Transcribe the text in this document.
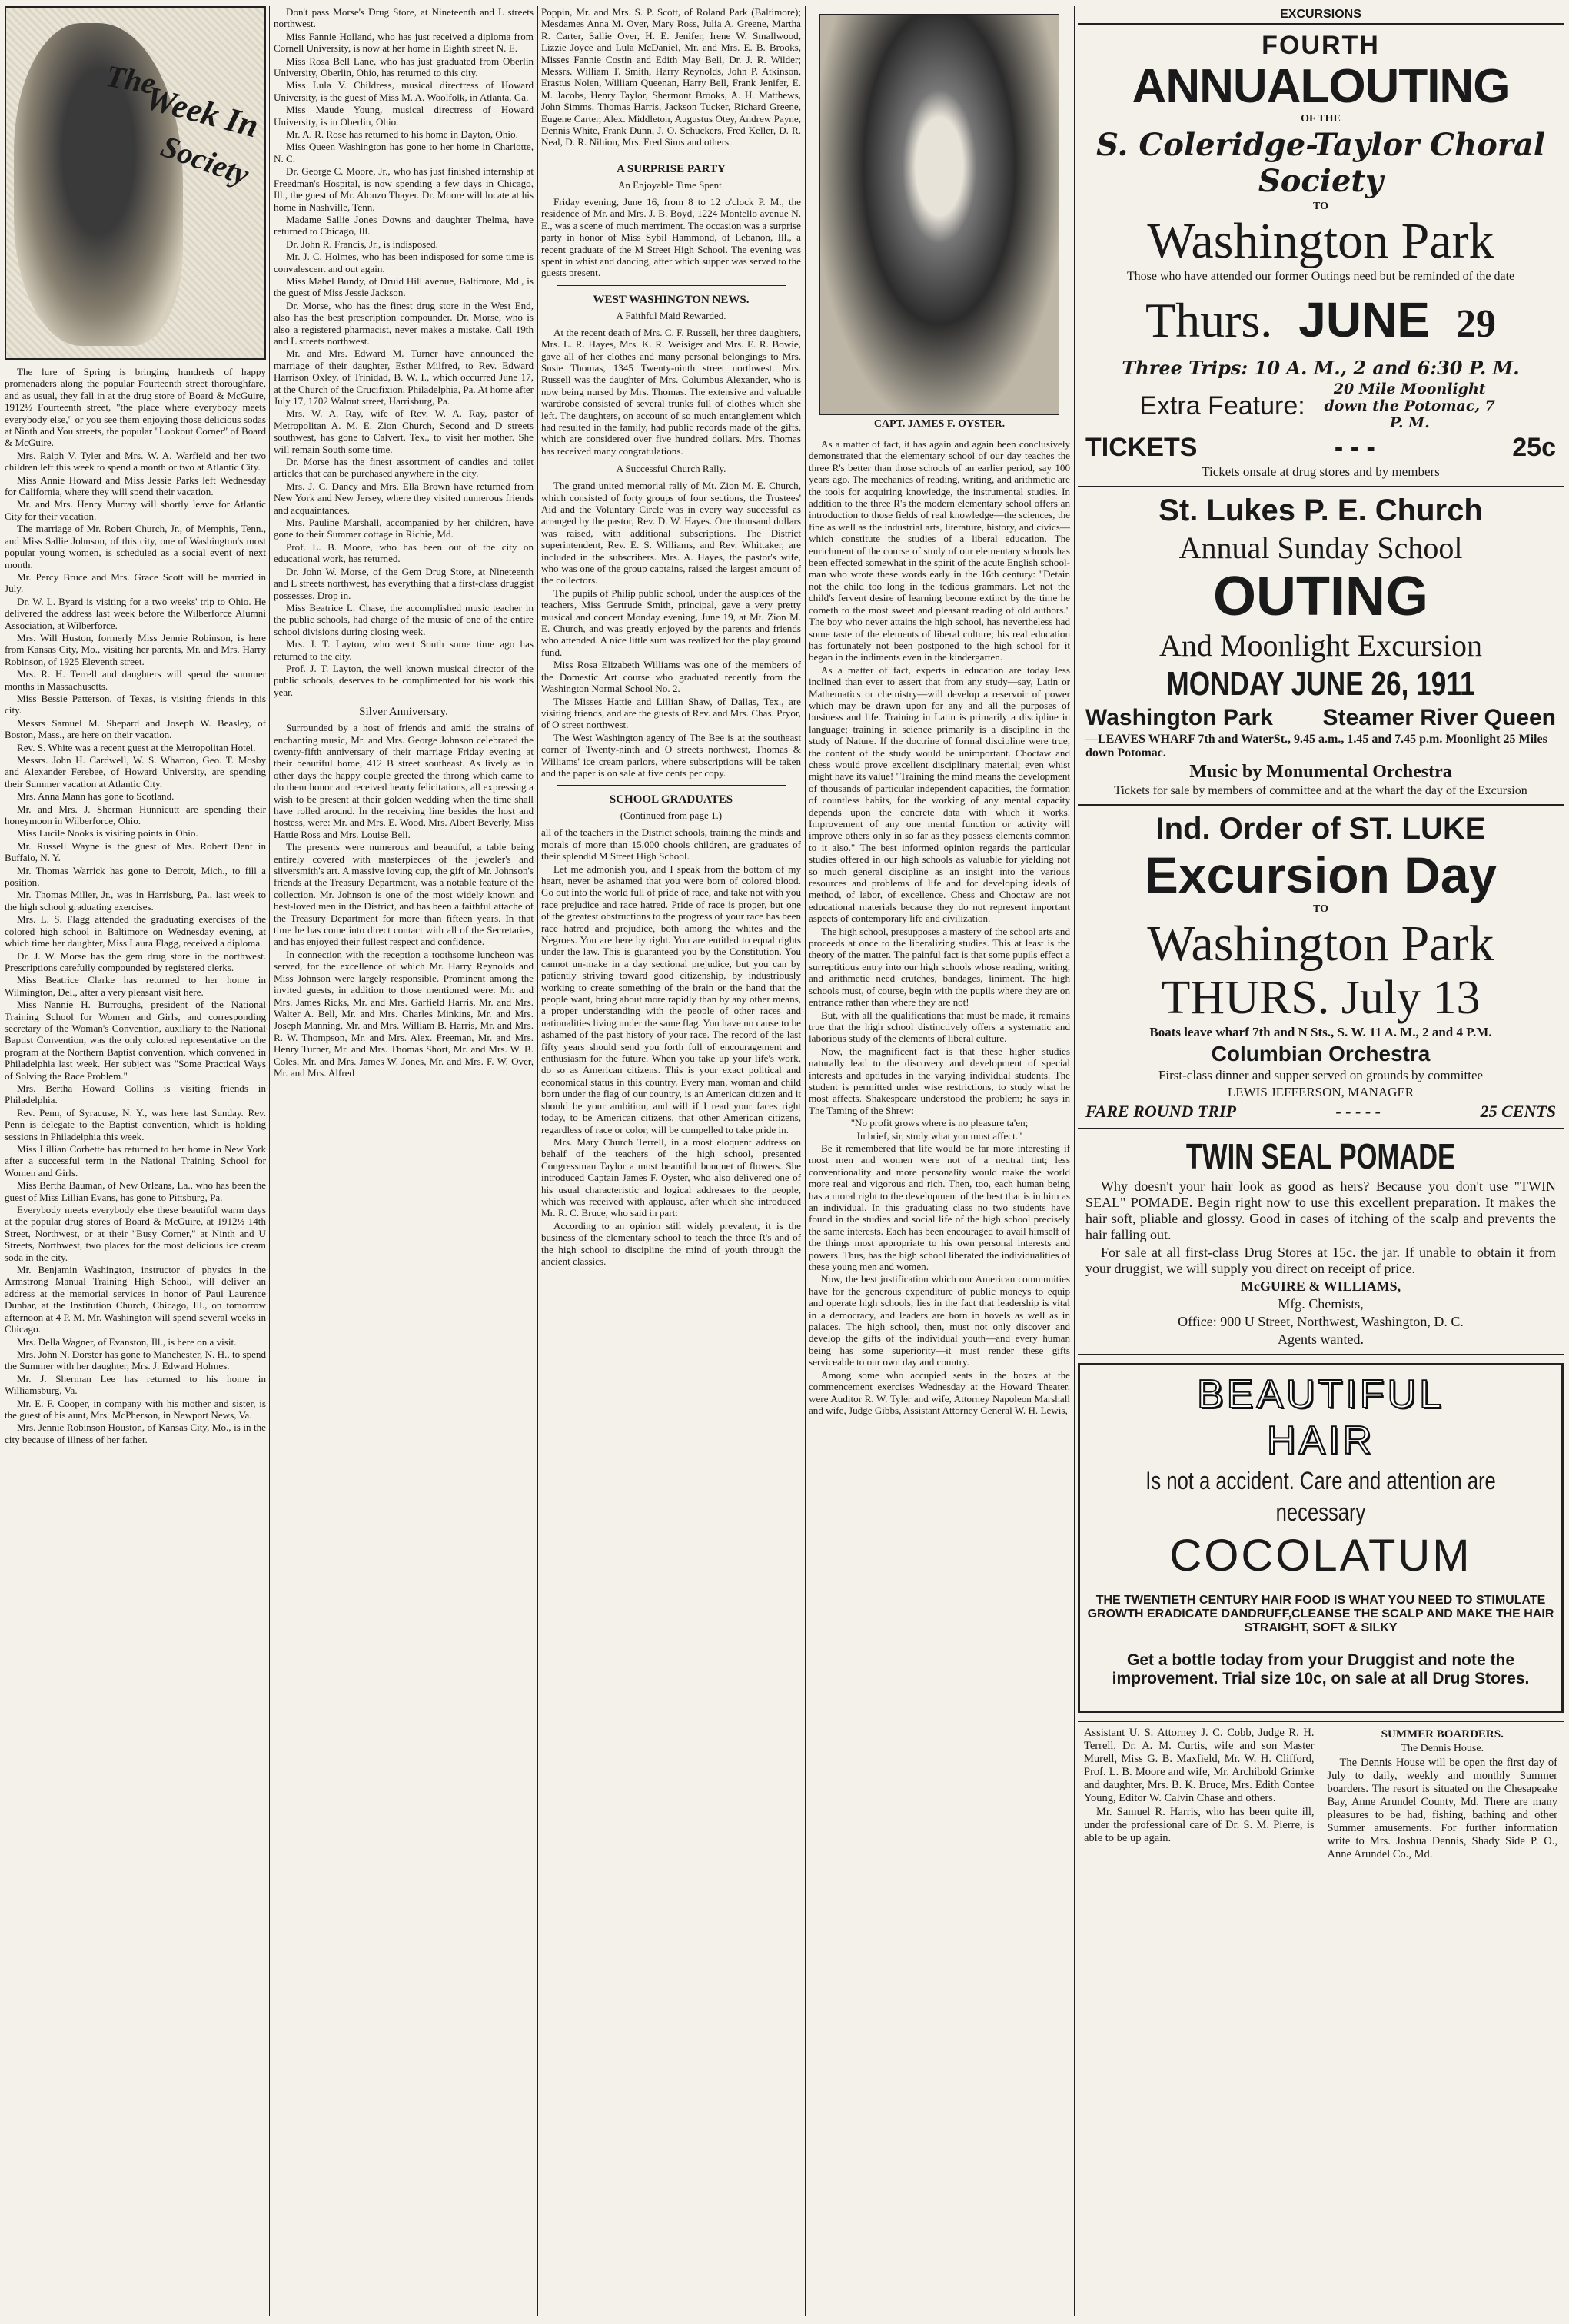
The
Week In
Society

The lure of Spring is bringing hundreds of happy promenaders along the popular Fourteenth street thoroughfare, and as usual, they fall in at the drug store of Board & McGuire, 1912½ Fourteenth street, "the place where everybody meets everybody else," or you see them enjoying those delicious sodas at Ninth and You streets, the popular "Lookout Corner" of Board & McGuire.

Mrs. Ralph V. Tyler and Mrs. W. A. Warfield and her two children left this week to spend a month or two at Atlantic City.

Miss Annie Howard and Miss Jessie Parks left Wednesday for California, where they will spend their vacation.

Mr. and Mrs. Henry Murray will shortly leave for Atlantic City for their vacation.

The marriage of Mr. Robert Church, Jr., of Memphis, Tenn., and Miss Sallie Johnson, of this city, one of Washington's most popular young women, is scheduled as a social event of next month.

Mr. Percy Bruce and Mrs. Grace Scott will be married in July.

Dr. W. L. Byard is visiting for a two weeks' trip to Ohio. He delivered the address last week before the Wilberforce Alumni Association, at Wilberforce.

Mrs. Will Huston, formerly Miss Jennie Robinson, is here from Kansas City, Mo., visiting her parents, Mr. and Mrs. Harry Robinson, of 1925 Eleventh street.

Mrs. R. H. Terrell and daughters will spend the summer months in Massachusetts.

Miss Bessie Patterson, of Texas, is visiting friends in this city.

Messrs Samuel M. Shepard and Joseph W. Beasley, of Boston, Mass., are here on their vacation.

Rev. S. White was a recent guest at the Metropolitan Hotel.

Messrs. John H. Cardwell, W. S. Wharton, Geo. T. Mosby and Alexander Ferebee, of Howard University, are spending their Summer vacation at Atlantic City.

Mrs. Anna Mann has gone to Scotland.

Mr. and Mrs. J. Sherman Hunnicutt are spending their honeymoon in Wilberforce, Ohio.

Miss Lucile Nooks is visiting points in Ohio.

Mr. Russell Wayne is the guest of Mrs. Robert Dent in Buffalo, N. Y.

Mr. Thomas Warrick has gone to Detroit, Mich., to fill a position.

Mr. Thomas Miller, Jr., was in Harrisburg, Pa., last week to the high school graduating exercises.

Mrs. L. S. Flagg attended the graduating exercises of the colored high school in Baltimore on Wednesday evening, at which time her daughter, Miss Laura Flagg, received a diploma.

Dr. J. W. Morse has the gem drug store in the northwest. Prescriptions carefully compounded by registered clerks.

Miss Beatrice Clarke has returned to her home in Wilmington, Del., after a very pleasant visit here.

Miss Nannie H. Burroughs, president of the National Training School for Women and Girls, and corresponding secretary of the Woman's Convention, auxiliary to the National Baptist Convention, was the only colored representative on the program at the Northern Baptist convention, which convened in Philadelphia last week. Her subject was "Some Practical Ways of Solving the Race Problem."

Mrs. Bertha Howard Collins is visiting friends in Philadelphia.

Rev. Penn, of Syracuse, N. Y., was here last Sunday. Rev. Penn is delegate to the Baptist convention, which is holding sessions in Philadelphia this week.

Miss Lillian Corbette has returned to her home in New York after a successful term in the National Training School for Women and Girls.

Miss Bertha Bauman, of New Orleans, La., who has been the guest of Miss Lillian Evans, has gone to Pittsburg, Pa.

Everybody meets everybody else these beautiful warm days at the popular drug stores of Board & McGuire, at 1912½ 14th Street, Northwest, or at their "Busy Corner," at Ninth and U Streets, Northwest, two places for the most delicious ice cream soda in the city.

Mr. Benjamin Washington, instructor of physics in the Armstrong Manual Training High School, will deliver an address at the memorial services in honor of Paul Laurence Dunbar, at the Institution Church, Chicago, Ill., on tomorrow afternoon at 4 P. M. Mr. Washington will spend several weeks in Chicago.

Mrs. Della Wagner, of Evanston, Ill., is here on a visit.

Mrs. John N. Dorster has gone to Manchester, N. H., to spend the Summer with her daughter, Mrs. J. Edward Holmes.

Mr. J. Sherman Lee has returned to his home in Williamsburg, Va.

Mr. E. F. Cooper, in company with his mother and sister, is the guest of his aunt, Mrs. McPherson, in Newport News, Va.

Mrs. Jennie Robinson Houston, of Kansas City, Mo., is in the city because of illness of her father.

Don't pass Morse's Drug Store, at Nineteenth and L streets northwest.

Miss Fannie Holland, who has just received a diploma from Cornell University, is now at her home in Eighth street N. E.

Miss Rosa Bell Lane, who has just graduated from Oberlin University, Oberlin, Ohio, has returned to this city.

Miss Lula V. Childress, musical directress of Howard University, is the guest of Miss M. A. Woolfolk, in Atlanta, Ga.

Miss Maude Young, musical directress of Howard University, is in Oberlin, Ohio.

Mr. A. R. Rose has returned to his home in Dayton, Ohio.

Miss Queen Washington has gone to her home in Charlotte, N. C.

Dr. George C. Moore, Jr., who has just finished internship at Freedman's Hospital, is now spending a few days in Chicago, Ill., the guest of Mr. Alonzo Thayer. Dr. Moore will locate at his home in Nashville, Tenn.

Madame Sallie Jones Downs and daughter Thelma, have returned to Chicago, Ill.

Dr. John R. Francis, Jr., is indisposed.

Mr. J. C. Holmes, who has been indisposed for some time is convalescent and out again.

Miss Mabel Bundy, of Druid Hill avenue, Baltimore, Md., is the guest of Miss Jessie Jackson.

Dr. Morse, who has the finest drug store in the West End, also has the best prescription compounder. Dr. Morse, who is also a registered pharmacist, never makes a mistake. Call 19th and L streets northwest.

Mr. and Mrs. Edward M. Turner have announced the marriage of their daughter, Esther Milfred, to Rev. Edward Harrison Oxley, of Trinidad, B. W. I., which occurred June 17, at the Church of the Crucifixion, Philadelphia, Pa. At home after July 17, 1702 Walnut street, Harrisburg, Pa.

Mrs. W. A. Ray, wife of Rev. W. A. Ray, pastor of Metropolitan A. M. E. Zion Church, Second and D streets southwest, has gone to Calvert, Tex., to visit her mother. She will remain South some time.

Dr. Morse has the finest assortment of candies and toilet articles that can be purchased anywhere in the city.

Mrs. J. C. Dancy and Mrs. Ella Brown have returned from New York and New Jersey, where they visited numerous friends and acquaintances.

Mrs. Pauline Marshall, accompanied by her children, have gone to their Summer cottage in Richie, Md.

Prof. L. B. Moore, who has been out of the city on educational work, has returned.

Dr. John W. Morse, of the Gem Drug Store, at Nineteenth and L streets northwest, has everything that a first-class druggist possesses. Drop in.

Miss Beatrice L. Chase, the accomplished music teacher in the public schools, had charge of the music of one of the entire school divisions during closing week.

Mrs. J. T. Layton, who went South some time ago has returned to the city.

Prof. J. T. Layton, the well known musical director of the public schools, deserves to be complimented for his work this year.

Silver Anniversary.

Surrounded by a host of friends and amid the strains of enchanting music, Mr. and Mrs. George Johnson celebrated the twenty-fifth anniversary of their marriage Friday evening at their beautiful home, 412 B street southeast. As lively as in other days the happy couple greeted the throng which came to do them honor and received hearty felicitations, all expressing a wish to be present at their golden wedding when the time shall have rolled around. In the receiving line besides the host and hostess, were: Mr. and Mrs. E. Wood, Mrs. Albert Beverly, Miss Hattie Ross and Mrs. Louise Bell.

The presents were numerous and beautiful, a table being entirely covered with masterpieces of the jeweler's and silversmith's art. A massive loving cup, the gift of Mr. Johnson's friends at the Treasury Department, was a notable feature of the collection. Mr. Johnson is one of the most widely known and best-loved men in the District, and has been a faithful attache of the Treasury Department for more than fifteen years. In that time he has come into direct contact with all of the Secretaries, and has enjoyed their fullest respect and confidence.

In connection with the reception a toothsome luncheon was served, for the excellence of which Mr. Harry Reynolds and Miss Johnson were largely responsible. Prominent among the invited guests, in addition to those mentioned were: Mr. and Mrs. James Ricks, Mr. and Mrs. Garfield Harris, Mr. and Mrs. Walter A. Bell, Mr. and Mrs. Charles Minkins, Mr. and Mrs. Joseph Manning, Mr. and Mrs. William B. Harris, Mr. and Mrs. R. W. Thompson, Mr. and Mrs. Alex. Freeman, Mr. and Mrs. Henry Turner, Mr. and Mrs. Thomas Short, Mr. and Mrs. W. B. Coles, Mr. and Mrs. James W. Jones, Mr. and Mrs. F. W. Over, Mr. and Mrs. Alfred

Poppin, Mr. and Mrs. S. P. Scott, of Roland Park (Baltimore); Mesdames Anna M. Over, Mary Ross, Julia A. Greene, Martha R. Carter, Sallie Over, H. E. Jenifer, Irene W. Smallwood, Lizzie Joyce and Lula McDaniel, Mr. and Mrs. E. B. Brooks, Misses Fannie Costin and Edith May Bell, Dr. J. R. Wilder; Messrs. William T. Smith, Harry Reynolds, John P. Atkinson, Erastus Nolen, William Queenan, Harry Bell, Frank Jenifer, E. M. Jacobs, Henry Taylor, Shermont Brooks, A. H. Matthews, John Simms, Thomas Harris, Jackson Tucker, Richard Greene, Eugene Carter, Alex. Middleton, Augustus Otey, Andrew Payne, Dennis White, Frank Dunn, J. O. Schuckers, Fred Keller, D. R. Neal, D. R. Nihion, Mrs. Fred Sims and others.

A SURPRISE PARTY
An Enjoyable Time Spent.

Friday evening, June 16, from 8 to 12 o'clock P. M., the residence of Mr. and Mrs. J. B. Boyd, 1224 Montello avenue N. E., was a scene of much merriment. The occasion was a surprise party in honor of Miss Sybil Hammond, of Lebanon, Ill., a recent graduate of the M Street High School. The evening was spent in whist and dancing, after which supper was served to the guests present.

WEST WASHINGTON NEWS.
A Faithful Maid Rewarded.

At the recent death of Mrs. C. F. Russell, her three daughters, Mrs. L. R. Hayes, Mrs. K. R. Weisiger and Mrs. E. R. Bowie, gave all of her clothes and many personal belongings to Mrs. Susie Thomas, 1345 Twenty-ninth street northwest. Mrs. Russell was the daughter of Mrs. Columbus Alexander, who is now being nursed by Mrs. Thomas. The extensive and valuable wardrobe consisted of several trunks full of clothes which she left. The daughters, on account of so much entanglement which had resulted in the family, had public records made of the gifts, which are considered over five hundred dollars. Mrs. Thomas has received many congratulations.

A Successful Church Rally.

The grand united memorial rally of Mt. Zion M. E. Church, which consisted of forty groups of four sections, the Trustees' Aid and the Voluntary Circle was in every way successful as arranged by the pastor, Rev. D. W. Hayes. One thousand dollars was raised, with additional subscriptions. The District superintendent, Rev. E. S. Williams, and Rev. Whittaker, are included in the subscribers. Mrs. A. Hayes, the pastor's wife, who was one of the group captains, raised the largest amount of the collectors.

The pupils of Philip public school, under the auspices of the teachers, Miss Gertrude Smith, principal, gave a very pretty musical and concert Monday evening, June 19, at Mt. Zion M. E. Church, and was greatly enjoyed by the parents and friends who attended. A nice little sum was realized for the play ground fund.

Miss Rosa Elizabeth Williams was one of the members of the Domestic Art course who graduated recently from the Washington Normal School No. 2.

The Misses Hattie and Lillian Shaw, of Dallas, Tex., are visiting friends, and are the guests of Rev. and Mrs. Chas. Pryor, of O street northwest.

The West Washington agency of The Bee is at the southeast corner of Twenty-ninth and O streets northwest, Thomas & Williams' ice cream parlors, where subscriptions will be taken and the paper is on sale at five cents per copy.

SCHOOL GRADUATES
(Continued from page 1.)

all of the teachers in the District schools, training the minds and morals of more than 15,000 chools children, are graduates of their splendid M Street High School.

Let me admonish you, and I speak from the bottom of my heart, never be ashamed that you were born of colored blood. Go out into the world full of pride of race, and take not with you race prejudice and race hatred. Pride of race is proper, but one of the greatest obstructions to the progress of your race has been race hatred and prejudice, both among the whites and the Negroes. You are here by right. You are entitled to equal rights under the law. This is guaranteed you by the Constitution. You cannot un-make in a day sectional prejudice, but you can by patiently striving toward good citizenship, by industriously working to create something of the brain or the hand that the people want, bring about more rapidly than by any other means, a proper understanding with the people of other races and nationalities living under the same flag. You have no cause to be ashamed of the past history of your race. The record of the last fifty years should send you forth full of encouragement and enthusiasm for the future. When you take up your life's work, do so as American citizens. This is your exact political and economical status in this country. Every man, woman and child born under the flag of our country, is an American citizen and it should be your ambition, and will if I read your faces right today, to be American citizens, that other American citizens, regardless of race or color, will be compelled to take pride in.

Mrs. Mary Church Terrell, in a most eloquent address on behalf of the teachers of the high school, presented Congressman Taylor a most beautiful bouquet of flowers. She introduced Captain James F. Oyster, who also delivered one of his usual characteristic and logical addresses to the people, which was received with applause, after which she introduced Mr. R. C. Bruce, who said in part:

According to an opinion still widely prevalent, it is the business of the elementary school to teach the three R's and of the high school to discipline the mind of youth through the ancient classics.

CAPT. JAMES F. OYSTER.

As a matter of fact, it has again and again been conclusively demonstrated that the elementary school of our day teaches the three R's better than those schools of an earlier period, say 100 years ago. The mechanics of reading, writing, and arithmetic are the tools for acquiring knowledge, the instrumental studies. In addition to the three R's the modern elementary school offers an introduction to those fields of real knowledge—the sciences, the fine as well as the industrial arts, literature, history, and civics—which constitute the studies of a liberal education. The enrichment of the course of study of our elementary schools has been effected somewhat in the spirit of the acute English school-man who wrote these words early in the 16th century: "Detain not the child too long in the tedious grammars. Let not the child's fervent desire of learning become extinct by the time he cometh to the most sweet and pleasant reading of old authors." The boy who never attains the high school, has nevertheless had some taste of the elements of liberal culture; his real education has fortunately not been postponed to the high school for it began in the indiments even in the kindergarten.

As a matter of fact, experts in education are today less inclined than ever to assert that from any study—say, Latin or Mathematics or chemistry—will develop a reservoir of power which may be drawn upon for any and all the purposes of business and life. Training in Latin is primarily a discipline in language; training in science primarily is a discipline in the study of Nature. If the doctrine of formal discipline were true, the content of the study would be unimportant. Choctaw and chess would prove excellent disciplinary material; even whist might have its value! "Training the mind means the development of thousands of particular independent capacities, the formation of countless habits, for the working of any mental capacity depends upon the concrete data with which it works. Improvement of any one mental function or activity will improve others only in so far as they possess elements common to it also." The best informed opinion regards the particular studies offered in our high schools as valuable for yielding not so much general discipline as an insight into the various resources and problems of life and for developing ideals of method, of labor, of excellence. Chess and Choctaw are not educational materials because they do not represent important aspects of contemporary life and civilization.

The high school, presupposes a mastery of the school arts and proceeds at once to the liberalizing studies. This at least is the theory of the matter. The painful fact is that some pupils effect a surreptitious entry into our high schools whose reading, writing, and arithmetic need crutches, bandages, liniment. The high schools must, of course, begin with the pupils where they are on entrance rather than where they are not!

But, with all the qualifications that must be made, it remains true that the high school distinctively offers a systematic and laborious study of the elements of liberal culture.

Now, the magnificent fact is that these higher studies naturally lead to the discovery and development of special interests and aptitudes in the varying individual students. The student is permitted under wise restrictions, to study what he most affects. Shakespeare understood the problem; he says in The Taming of the Shrew:

"No profit grows where is no pleasure ta'en;

In brief, sir, study what you most affect."

Be it remembered that life would be far more interesting if most men and women were not of a neutral tint; less conventionality and more personality would make the world more real and vigorous and rich. Then, too, each human being has a moral right to the development of the best that is in him as an individual. In this graduating class no two students have found in the studies and social life of the high school precisely the same interests. Each has been encouraged to avail himself of the things most appropriate to his own personal interests and powers. Thus, has the high school liberated the individualities of these young men and women.

Now, the best justification which our American communities have for the generous expenditure of public moneys to equip and operate high schools, lies in the fact that leadership is vital in a democracy, and leaders are born in hovels as well as in palaces. The high school, then, must not only discover and develop the gifts of the individual youth—and every human being has some superiority—it must render these gifts serviceable to our own day and country.

Among some who accupied seats in the boxes at the commencement exercises Wednesday at the Howard Theater, were Auditor R. W. Tyler and wife, Attorney Napoleon Marshall and wife, Judge Gibbs, Assistant Attorney General W. H. Lewis,

EXCURSIONS

FOURTH

ANNUALOUTING

OF THE

S. Coleridge-Taylor Choral Society

TO

Washington Park

Those who have attended our former Outings need but be reminded of the date

Thurs. JUNE 29

Three Trips: 10 A. M., 2 and 6:30 P. M.

Extra Feature:
20 Mile Moonlight down the Potomac, 7 P. M.

TICKETS	- - -	25c

Tickets onsale at drug stores and by members

St. Lukes P. E. Church

Annual Sunday School

OUTING

And Moonlight Excursion

MONDAY JUNE 26, 1911

Washington Park Steamer River Queen

—LEAVES WHARF 7th and WaterSt., 9.45 a.m., 1.45 and 7.45 p.m. Moonlight 25 Miles down Potomac.

Music by Monumental Orchestra

Tickets for sale by members of committee and at the wharf the day of the Excursion

Ind. Order of ST. LUKE

Excursion Day

TO

Washington Park

THURS. July 13

Boats leave wharf 7th and N Sts., S. W. 11 A. M., 2 and 4 P.M.

Columbian Orchestra

First-class dinner and supper served on grounds by committee

LEWIS JEFFERSON, MANAGER

FARE ROUND TRIP	- - - - -	25 CENTS

TWIN SEAL POMADE

Why doesn't your hair look as good as hers? Because you don't use "TWIN SEAL" POMADE. Begin right now to use this excellent preparation. It makes the hair soft, pliable and glossy. Good in cases of itching of the scalp and prevents the hair falling out.

For sale at all first-class Drug Stores at 15c. the jar. If unable to obtain it from your druggist, we will supply you direct on receipt of price.

McGUIRE & WILLIAMS,

Mfg. Chemists,

Office: 900 U Street, Northwest, Washington, D. C.

Agents wanted.

BEAUTIFUL

HAIR

Is not a accident. Care and attention are

necessary

COCOLATUM

THE TWENTIETH CENTURY HAIR FOOD IS WHAT YOU NEED TO STIMULATE GROWTH ERADICATE DANDRUFF,CLEANSE THE SCALP AND MAKE THE HAIR STRAIGHT, SOFT & SILKY

Get a bottle today from your Druggist and note the improvement. Trial size 10c, on sale at all Drug Stores.

Assistant U. S. Attorney J. C. Cobb, Judge R. H. Terrell, Dr. A. M. Curtis, wife and son Master Murell, Miss G. B. Maxfield, Mr. W. H. Clifford, Prof. L. B. Moore and wife, Mr. Archibold Grimke and daughter, Mrs. B. K. Bruce, Mrs. Edith Contee Young, Editor W. Calvin Chase and others.

Mr. Samuel R. Harris, who has been quite ill, under the professional care of Dr. S. M. Pierre, is able to be up again.

SUMMER BOARDERS.
The Dennis House.

The Dennis House will be open the first day of July to daily, weekly and monthly Summer boarders. The resort is situated on the Chesapeake Bay, Anne Arundel County, Md. There are many pleasures to be had, fishing, bathing and other Summer amusements. For further information write to Mrs. Joshua Dennis, Shady Side P. O., Anne Arundel Co., Md.
